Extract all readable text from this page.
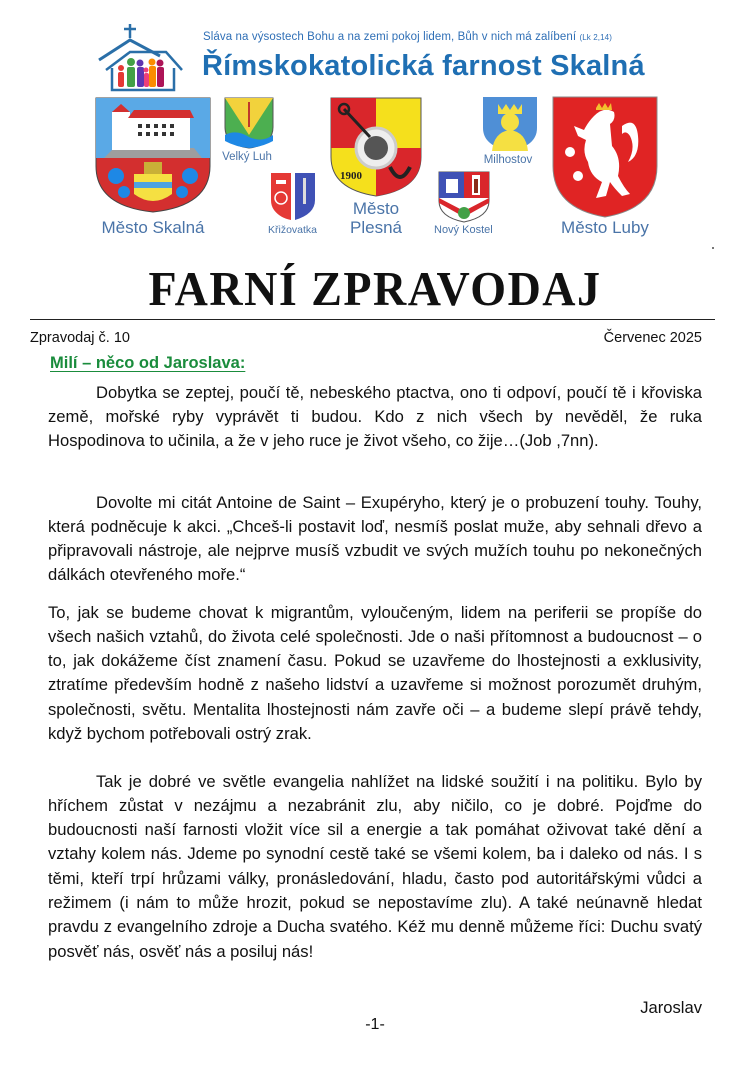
Sláva na výsostech Bohu a na zemi pokoj lidem, Bůh v nich má zalíbení (Lk 2,14)
Římskokatolická farnost Skalná
Město Skalná
Velký Luh
Křižovatka
1900
Město
Plesná
Milhostov
Nový Kostel	Město Luby
FARNÍ ZPRAVODAJ
Zpravodaj č. 10	Červenec 2025
Milí – něco od Jaroslava:

Dobytka se zeptej, poučí tě, nebeského ptactva, ono ti odpoví, poučí tě i křoviska země, mořské ryby vyprávět ti budou. Kdo z nich všech by nevěděl, že ruka Hospodinova to učinila, a že v jeho ruce je život všeho, co žije…(Job ,7nn).

Dovolte mi citát Antoine de Saint – Exupéryho, který je o probuzení touhy. Touhy, která podněcuje k akci. „Chceš-li postavit loď, nesmíš poslat muže, aby sehnali dřevo a připravovali nástroje, ale nejprve musíš vzbudit ve svých mužích touhu po nekonečných dálkách otevřeného moře.“

To, jak se budeme chovat k migrantům, vyloučeným, lidem na periferii se propíše do všech našich vztahů, do života celé společnosti. Jde o naši přítomnost a budoucnost – o to, jak dokážeme číst znamení času. Pokud se uzavřeme do lhostejnosti a exklusivity, ztratíme především hodně z našeho lidství a uzavřeme si možnost porozumět druhým, společnosti, světu. Mentalita lhostejnosti nám zavře oči – a budeme slepí právě tehdy, když bychom potřebovali ostrý zrak.

Tak je dobré ve světle evangelia nahlížet na lidské soužití i na politiku. Bylo by hříchem zůstat v nezájmu a nezabránit zlu, aby ničilo, co je dobré. Pojďme do budoucnosti naší farnosti vložit více sil a energie a tak pomáhat oživovat také dění a vztahy kolem nás. Jdeme po synodní cestě také se všemi kolem, ba i daleko od nás. I s těmi, kteří trpí hrůzami války, pronásledování, hladu, často pod autoritářskými vůdci a režimem (i nám to může hrozit, pokud se nepostavíme zlu). A také neúnavně hledat pravdu z evangelního zdroje a Ducha svatého. Kéž mu denně můžeme říci: Duchu svatý posvěť nás, osvěť nás a posiluj nás!

Jaroslav
-1-
